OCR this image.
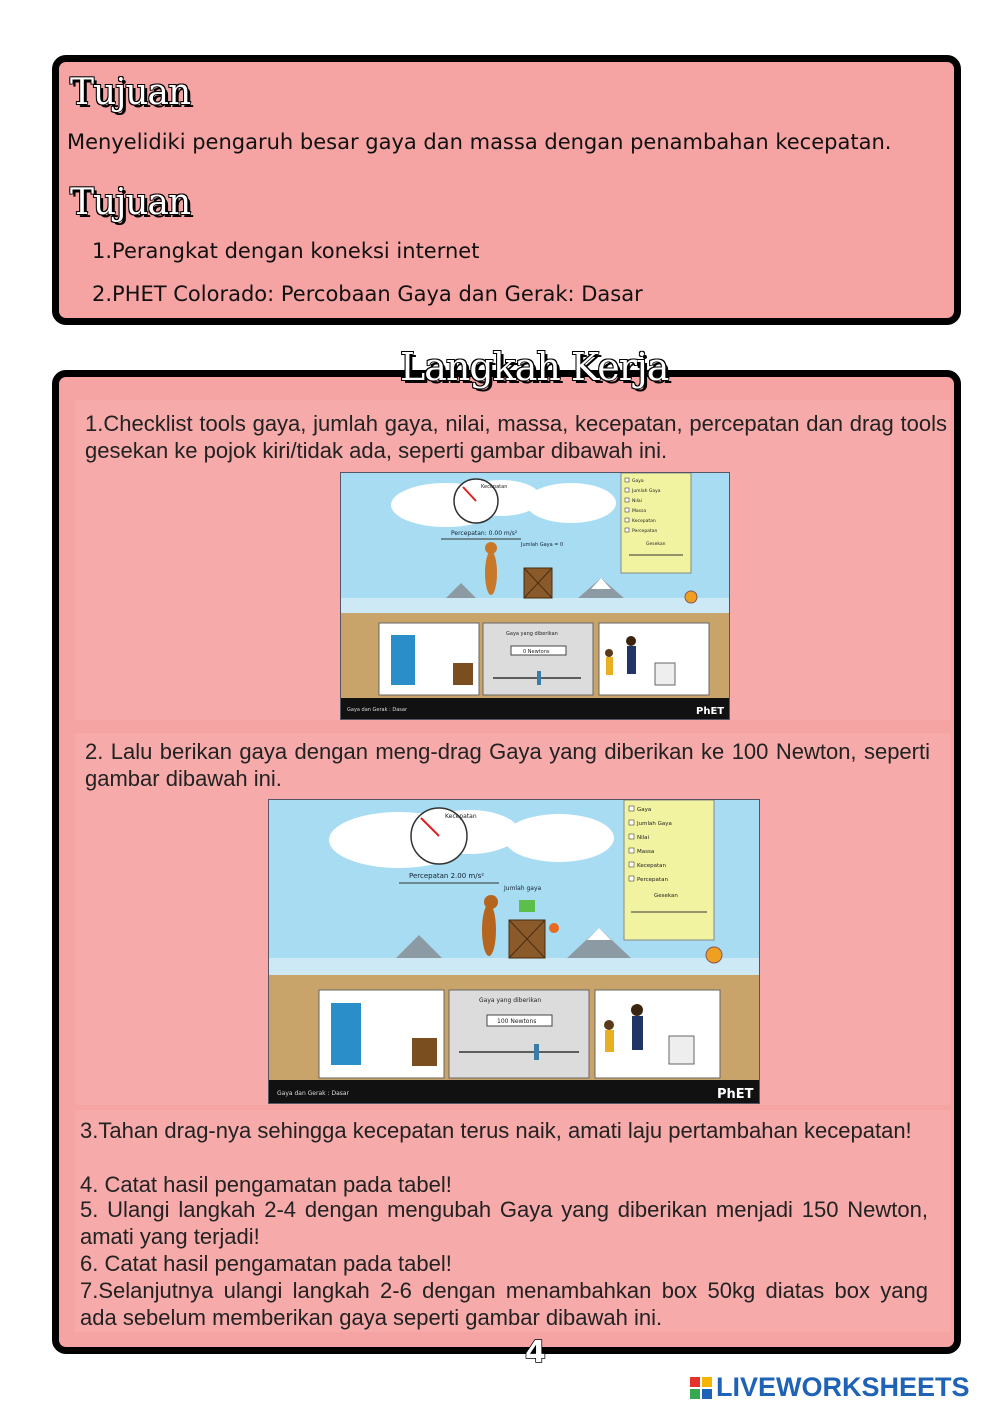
Tujuan
Menyelidiki pengaruh besar gaya dan massa dengan penambahan kecepatan.
Tujuan
1.Perangkat dengan koneksi internet
2.PHET Colorado: Percobaan Gaya dan Gerak: Dasar
Langkah Kerja
1.Checklist tools gaya, jumlah gaya, nilai, massa, kecepatan, percepatan dan drag tools gesekan ke pojok kiri/tidak ada, seperti gambar dibawah ini.
Kecepatan
Percepatan: 0.00 m/s²
Jumlah Gaya = 0
Gaya yang diberikan
0 Newtons
Gaya dan Gerak : Dasar	PhET
Gaya
Jumlah Gaya
Nilai
Massa
Kecepatan
Percepatan
Gesekan
2. Lalu berikan gaya dengan meng-drag Gaya yang diberikan ke 100 Newton, seperti gambar dibawah ini.
Kecepatan
Percepatan 2.00 m/s²
Jumlah gaya
Gaya yang diberikan
100 Newtons
Gaya dan Gerak : Dasar	PhET
Gaya
Jumlah Gaya
Nilai
Massa
Kecepatan
Percepatan
Gesekan
3.Tahan drag-nya sehingga kecepatan terus naik, amati laju pertambahan kecepatan!
4. Catat hasil pengamatan pada tabel!
5. Ulangi langkah 2-4 dengan mengubah Gaya yang diberikan menjadi 150 Newton, amati yang terjadi!
6. Catat hasil pengamatan pada tabel!
7.Selanjutnya ulangi langkah 2-6 dengan menambahkan box 50kg diatas box yang ada sebelum memberikan gaya seperti gambar dibawah ini.
4
LIVEWORKSHEETS
